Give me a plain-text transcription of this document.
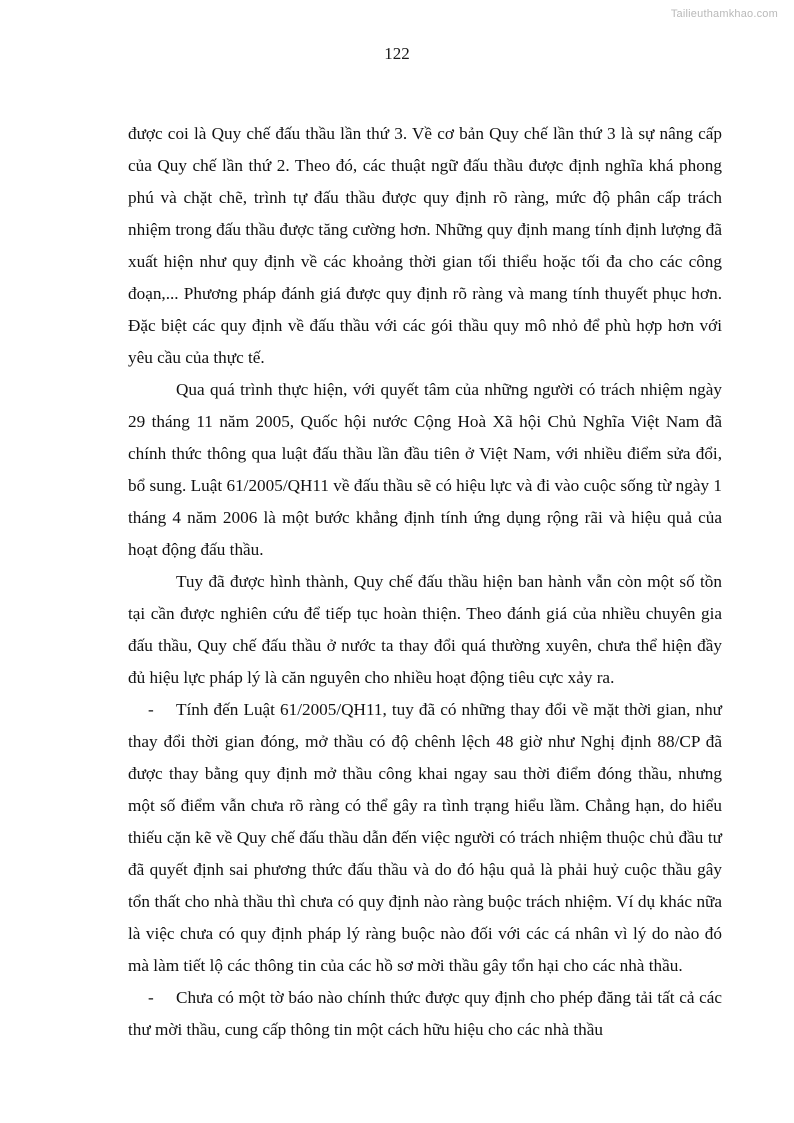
Tailieuthamkhao.com
122

được coi là Quy chế đấu thầu lần thứ 3. Về cơ bản Quy chế lần thứ 3 là sự nâng cấp của Quy chế lần thứ 2. Theo đó, các thuật ngữ đấu thầu được định nghĩa khá phong phú và chặt chẽ, trình tự đấu thầu được quy định rõ ràng, mức độ phân cấp trách nhiệm trong đấu thầu được tăng cường hơn. Những quy định mang tính định lượng đã xuất hiện như quy định về các khoảng thời gian tối thiểu hoặc tối đa cho các công đoạn,... Phương pháp đánh giá được quy định rõ ràng và mang tính thuyết phục hơn. Đặc biệt các quy định về đấu thầu với các gói thầu quy mô nhỏ để phù hợp hơn với yêu cầu của thực tế.

Qua quá trình thực hiện, với quyết tâm của những người có trách nhiệm ngày 29 tháng 11 năm 2005, Quốc hội nước Cộng Hoà Xã hội Chủ Nghĩa Việt Nam đã chính thức thông qua luật đấu thầu lần đầu tiên ở Việt Nam, với nhiều điểm sửa đổi, bổ sung. Luật 61/2005/QH11 về đấu thầu sẽ có hiệu lực và đi vào cuộc sống từ ngày 1 tháng 4 năm 2006 là một bước khẳng định tính ứng dụng rộng rãi và hiệu quả của hoạt động đấu thầu.

Tuy đã được hình thành, Quy chế đấu thầu hiện ban hành vẫn còn một số tồn tại cần được nghiên cứu để tiếp tục hoàn thiện. Theo đánh giá của nhiều chuyên gia đấu thầu, Quy chế đấu thầu ở nước ta thay đổi quá thường xuyên, chưa thể hiện đầy đủ hiệu lực pháp lý là căn nguyên cho nhiều hoạt động tiêu cực xảy ra.

- Tính đến Luật 61/2005/QH11, tuy đã có những thay đổi về mặt thời gian, như thay đổi thời gian đóng, mở thầu có độ chênh lệch 48 giờ như Nghị định 88/CP đã được thay bằng quy định mở thầu công khai ngay sau thời điểm đóng thầu, nhưng một số điểm vẫn chưa rõ ràng có thể gây ra tình trạng hiểu lầm. Chẳng hạn, do hiểu thiếu cặn kẽ về Quy chế đấu thầu dẫn đến việc người có trách nhiệm thuộc chủ đầu tư đã quyết định sai phương thức đấu thầu và do đó hậu quả là phải huỷ cuộc thầu gây tổn thất cho nhà thầu thì chưa có quy định nào ràng buộc trách nhiệm. Ví dụ khác nữa là việc chưa có quy định pháp lý ràng buộc nào đối với các cá nhân vì lý do nào đó mà làm tiết lộ các thông tin của các hồ sơ mời thầu gây tổn hại cho các nhà thầu.

- Chưa có một tờ báo nào chính thức được quy định cho phép đăng tải tất cả các thư mời thầu, cung cấp thông tin một cách hữu hiệu cho các nhà thầu
